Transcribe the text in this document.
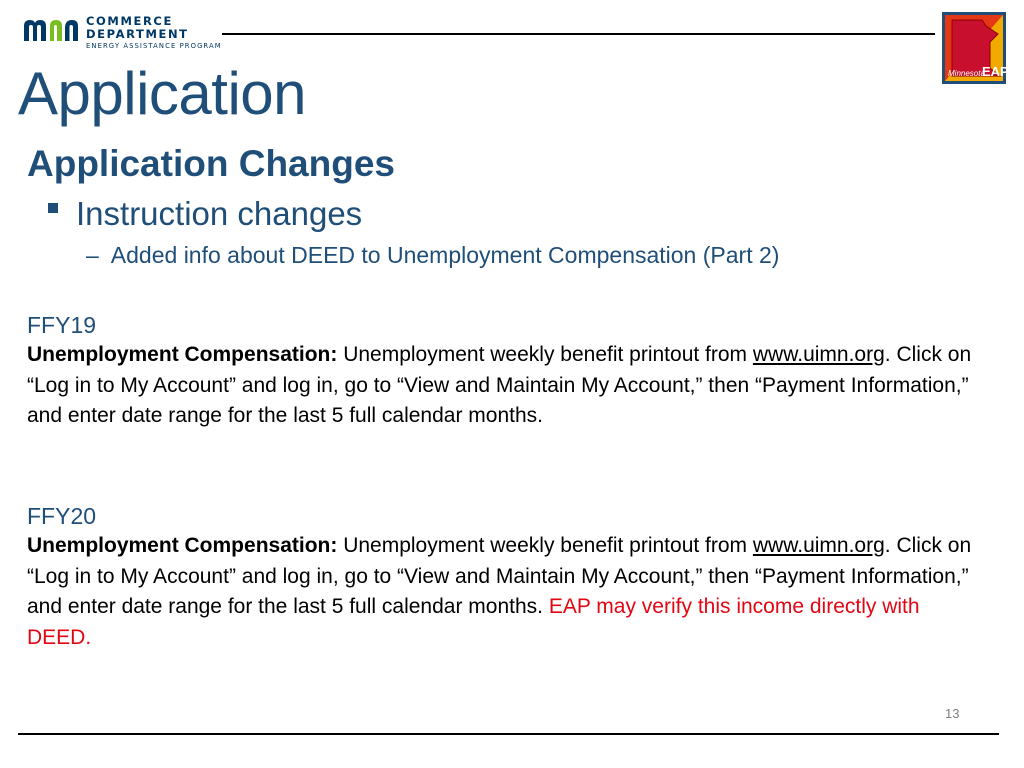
COMMERCE
DEPARTMENT
ENERGY ASSISTANCE PROGRAM
Minnesota
EAP
Application
Application Changes
Instruction changes
– Added info about DEED to Unemployment Compensation (Part 2)
FFY19
Unemployment Compensation: Unemployment weekly benefit printout from www.uimn.org. Click on “Log in to My Account” and log in, go to “View and Maintain My Account,” then “Payment Information,” and enter date range for the last 5 full calendar months.
FFY20
Unemployment Compensation: Unemployment weekly benefit printout from www.uimn.org. Click on “Log in to My Account” and log in, go to “View and Maintain My Account,” then “Payment Information,” and enter date range for the last 5 full calendar months. EAP may verify this income directly with DEED.
13
